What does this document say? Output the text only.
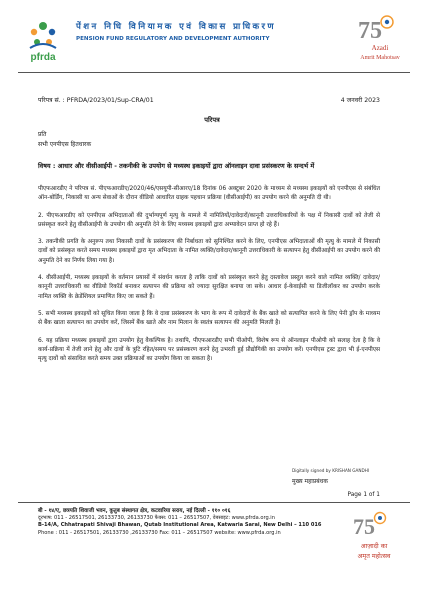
pfrda
पेंशन निधि विनियामक एवं विकास प्राधिकरण
PENSION FUND REGULATORY AND DEVELOPMENT AUTHORITY	75
Azadi
Amrit Mahotsav
परिपत्र सं. : PFRDA/2023/01/Sup-CRA/01	4 जनवरी 2023
परिपत्र
प्रति
सभी एनपीएस हितधारक
विषय : आधार और वीसीआईपी - तकनीकी के उपयोग से मध्यस्थ इकाइयों द्वारा ऑनलाइन दावा प्रसंस्करण के सन्दर्भ में

पीएफआरडीए ने परिपत्र सं. पीएफआरडीए/2020/46/एसयूपी-सीआरए/18 दिनांक 06 अक्टूबर 2020 के माध्यम से मध्यस्थ इकाइयों को एनपीएस से संबंधित ऑन-बोर्डिंग, निकासी या अन्य सेवाओं के दौरान वीडियो आधारित ग्राहक पहचान प्रक्रिया (वीसीआईपी) का उपयोग करने की अनुमति दी थी।

2. पीएफआरडीए को एनपीएस अभिदाताओं की दुर्भाग्यपूर्ण मृत्यु के मामले में नामितियों/दावेदारों/कानूनी उत्तराधिकारियों के पक्ष में निकासी दावों को तेजी से प्रसंस्कृत करने हेतु वीसीआईपी के उपयोग की अनुमति देने के लिए मध्यस्थ इकाइयों द्वारा अभ्यावेदन प्राप्त हो रहे हैं।

3. तकनीकी प्रगति के अनुरूप तथा निकासी दावों के प्रसंस्करण की निर्बाधता को सुनिश्चित करने के लिए, एनपीएस अभिदाताओं की मृत्यु के मामले में निकासी दावों को प्रसंस्कृत करते समय मध्यस्थ इकाइयों द्वारा मृत अभिदाता के नामित व्यक्ति/दावेदार/कानूनी उत्तराधिकारी के सत्यापन हेतु वीसीआईपी का उपयोग करने की अनुमति देने का निर्णय लिया गया है।

4. वीसीआईपी, मध्यस्थ इकाइयों के वर्तमान प्रयासों में संवर्धन करता है ताकि दावों को प्रसंस्कृत करने हेतु दस्तावेज प्रस्तुत करने वाले नामित व्यक्ति/ दावेदार/कानूनी उत्तराधिकारी का वीडियो रिकॉर्ड बनाकर सत्यापन की प्रक्रिया को ज्यादा सुरक्षित बनाया जा सके। आधार ई-केवाईसी या डिजीलॉकर का उपयोग करके नामित व्यक्ति के क्रेडेंशियल प्रमाणित किए जा सकते हैं।

5. सभी मध्यस्थ इकाइयों को सूचित किया जाता है कि वे दावा प्रसंस्करण के भाग के रूप में दावेदारों के बैंक खाते को सत्यापित करने के लिए पेनी ड्रॉप के माध्यम से बैंक खाता सत्यापन का उपयोग करें, जिसमें बैंक खाते और नाम मिलान के स्वतंत्र सत्यापन की अनुमति मिलती है।

6. यह प्रक्रिया मध्यस्थ इकाइयों द्वारा उपयोग हेतु वैकल्पिक है। तथापि, पीएफआरडीए सभी पीओपी, विशेष रूप से ऑनलाइन पीओपी को सलाह देता है कि वे कार्य-प्रक्रिया में तेजी लाने हेतु और दावों के त्रुटि रहित/समय पर प्रसंस्करण करने हेतु उभरती हुई प्रौद्योगिकी का उपयोग करें। एनपीएस ट्रस्ट द्वारा भी ई-एनपीएस मृत्यु दावों को संसाधित करते समय उक्त प्रक्रियाओं का उपयोग किया जा सकता है।

Digitally signed by KRISHAN GANDHI
मुख्य महाप्रबंधक
Page 1 of 1
बी - १४/ए, छत्रपति शिवाजी भवन, कुतुब संस्थागत क्षेत्र, कटवारिया सराय, नई दिल्ली - ११० ०१६
दूरभाष: 011 - 26517501, 26133730, 26133730 फैक्स: 011 – 26517507, वेबसाइट: www.pfrda.org.in
B-14/A, Chhatrapati Shivaji Bhawan, Qutab Institutional Area, Katwaria Sarai, New Delhi – 110 016
Phone : 011 - 26517501, 26133730 ,26133730 Fax: 011 – 26517507 website: www.pfrda.org.in	75
आज़ादी का
अमृत महोत्सव
